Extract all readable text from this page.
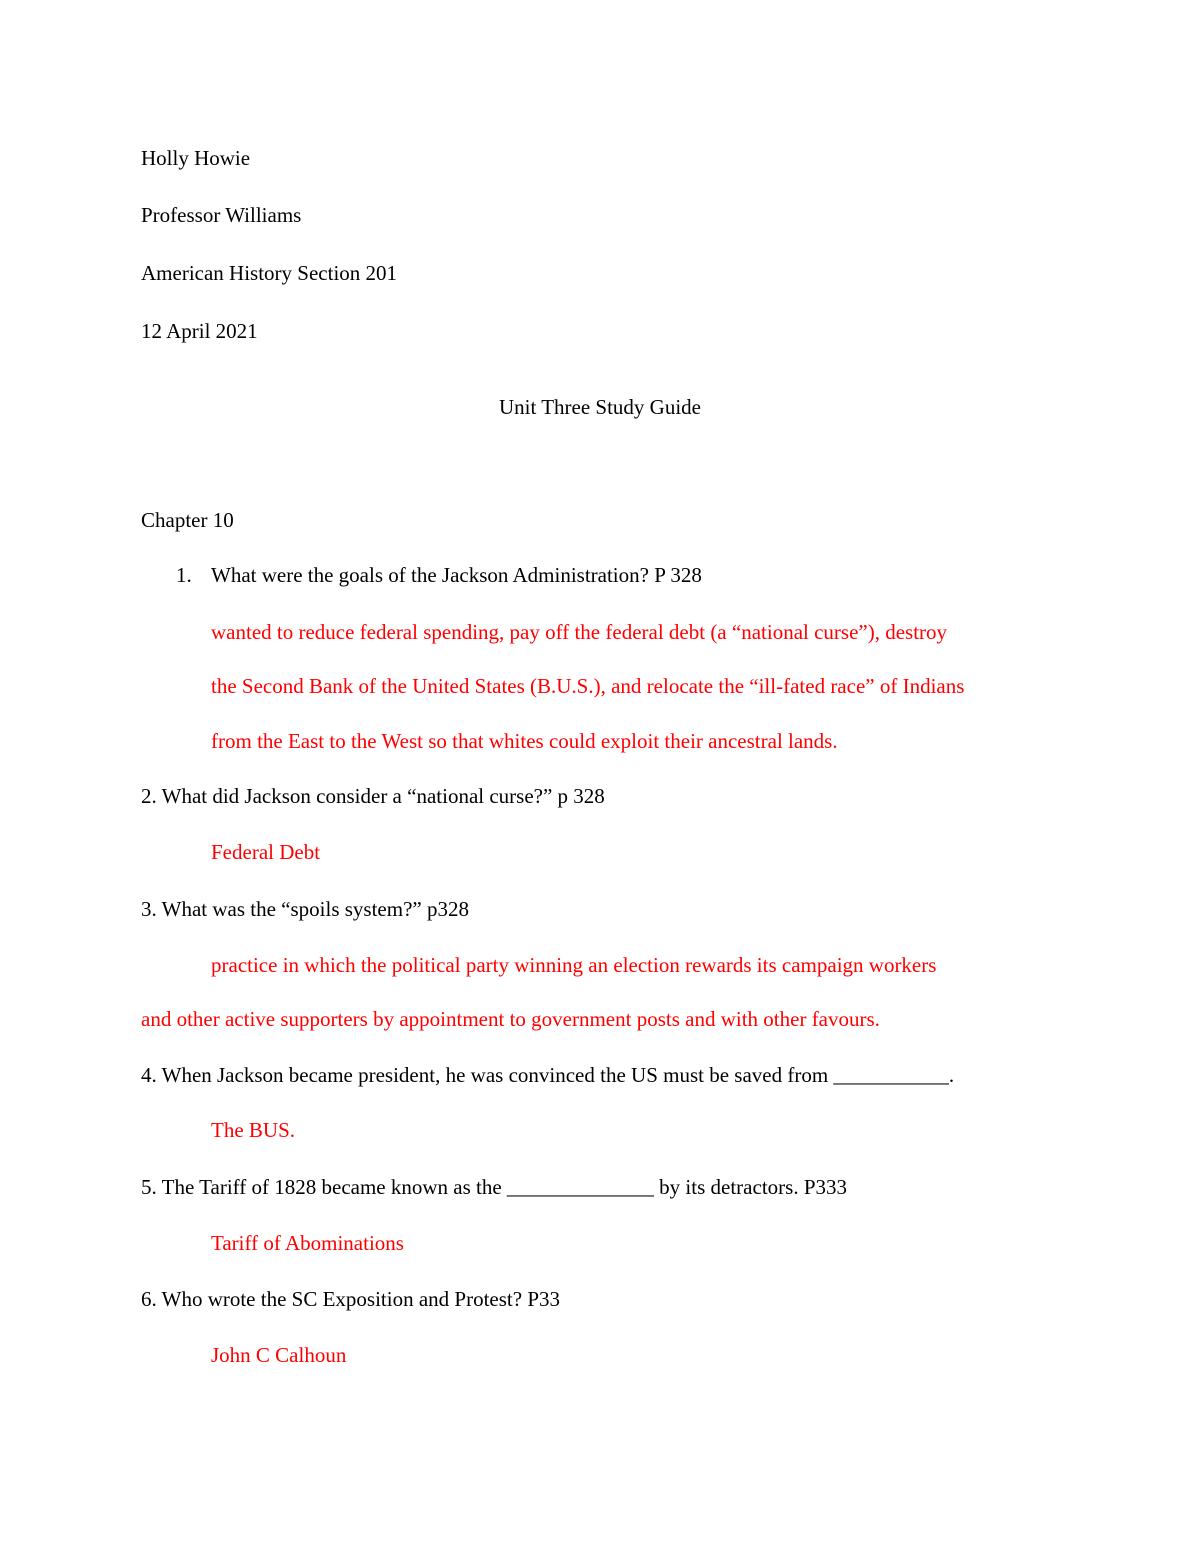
Holly Howie
Professor Williams
American History Section 201
12 April 2021
Unit Three Study Guide
Chapter 10
1. What were the goals of the Jackson Administration? P 328
wanted to reduce federal spending, pay off the federal debt (a “national curse”), destroy
the Second Bank of the United States (B.U.S.), and relocate the “ill-fated race” of Indians
from the East to the West so that whites could exploit their ancestral lands.
2. What did Jackson consider a “national curse?” p 328
Federal Debt
3. What was the “spoils system?” p328
practice in which the political party winning an election rewards its campaign workers
and other active supporters by appointment to government posts and with other favours.
4. When Jackson became president, he was convinced the US must be saved from ___________.
The BUS.
5. The Tariff of 1828 became known as the ______________ by its detractors. P333
Tariff of Abominations
6. Who wrote the SC Exposition and Protest? P33
John C Calhoun
